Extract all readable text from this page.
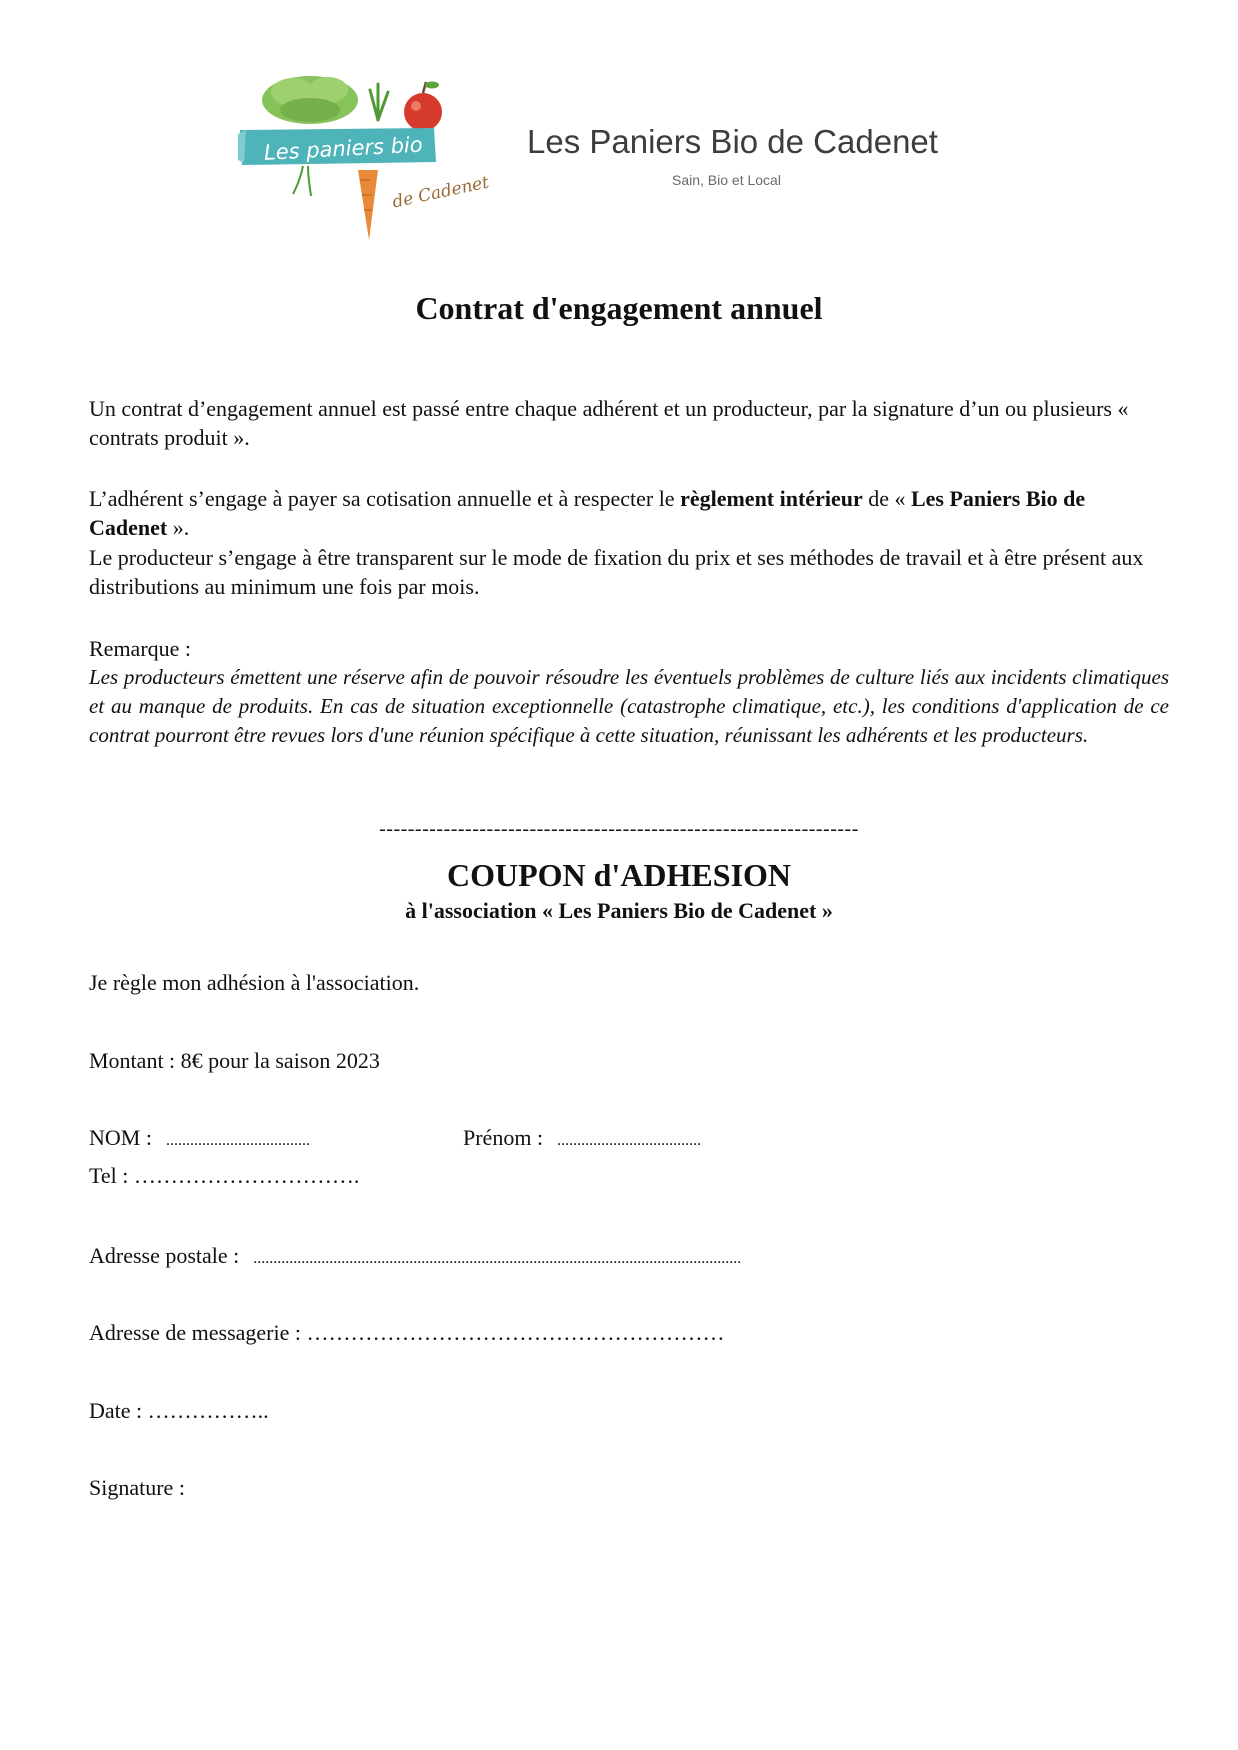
Les paniers bio
de Cadenet
Les Paniers Bio de Cadenet
Sain, Bio et Local
Contrat d'engagement annuel

Un contrat d’engagement annuel est passé entre chaque adhérent et un producteur, par la signature d’un ou plusieurs « contrats produit ».

L’adhérent s’engage à payer sa cotisation annuelle et à respecter le règlement intérieur de « Les Paniers Bio de Cadenet ».

Le producteur s’engage à être transparent sur le mode de fixation du prix et ses méthodes de travail et à être présent aux distributions au minimum une fois par mois.

Remarque :

Les producteurs émettent une réserve afin de pouvoir résoudre les éventuels problèmes de culture liés aux incidents climatiques et au manque de produits. En cas de situation exceptionnelle (catastrophe climatique, etc.), les conditions d'application de ce contrat pourront être revues lors d'une réunion spécifique à cette situation, réunissant les adhérents et les producteurs.

-------------------------------------------------------------------
COUPON d'ADHESION
à l'association « Les Paniers Bio de Cadenet »
Je règle mon adhésion à l'association.
Montant : 8€ pour la saison 2023
NOM : ....................................	Prénom : ....................................
Tel : ………………………….
Adresse postale : ..........................................................................................................................
Adresse de messagerie : …………………………………………………
Date : ……………..
Signature :
